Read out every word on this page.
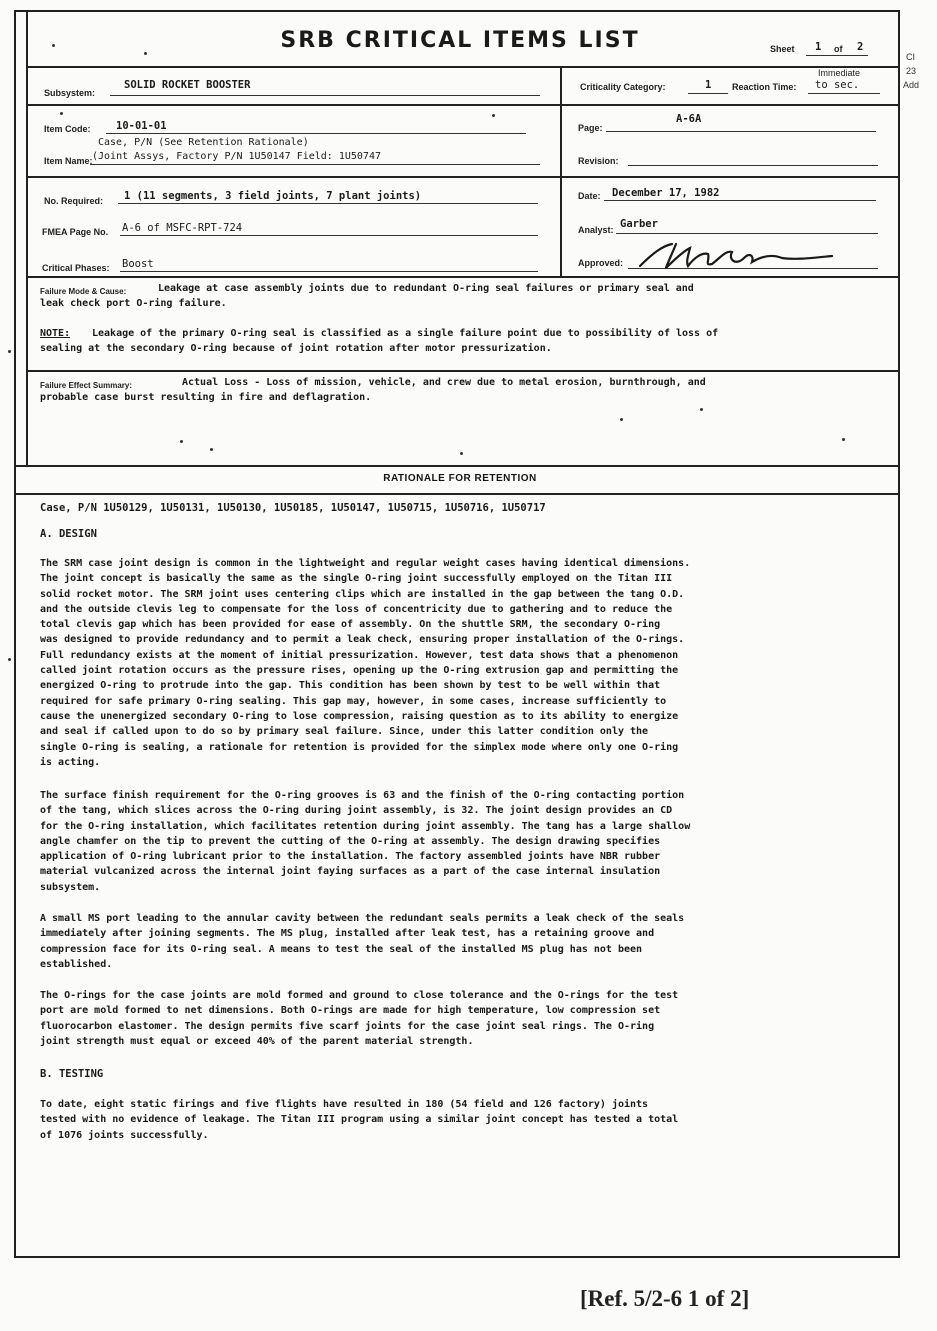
SRB CRITICAL ITEMS LIST	Sheet 1 of 2
CI
23
Add
Subsystem:
SOLID ROCKET BOOSTER	Criticality Category:	1 Reaction Time:
Immediate
to sec.
Item Code: 10-01-01
Case, P/N (See Retention Rationale)
Item Name: (Joint Assys, Factory P/N 1U50147 Field: 1U50747
Page:
A-6A
Revision:
No. Required: 1 (11 segments, 3 field joints, 7 plant joints)
FMEA Page No. A-6 of MSFC-RPT-724
Critical Phases: Boost
Date: December 17, 1982
Analyst: Garber
Approved:
Failure Mode & Cause:	Leakage at case assembly joints due to redundant O-ring seal failures or primary seal and
leak check port O-ring failure.
NOTE: Leakage of the primary O-ring seal is classified as a single failure point due to possibility of loss of
sealing at the secondary O-ring because of joint rotation after motor pressurization.
Failure Effect Summary:	Actual Loss - Loss of mission, vehicle, and crew due to metal erosion, burnthrough, and
probable case burst resulting in fire and deflagration.
RATIONALE FOR RETENTION
Case, P/N 1U50129, 1U50131, 1U50130, 1U50185, 1U50147, 1U50715, 1U50716, 1U50717
A. DESIGN

The SRM case joint design is common in the lightweight and regular weight cases having identical dimensions.
The joint concept is basically the same as the single O-ring joint successfully employed on the Titan III
solid rocket motor. The SRM joint uses centering clips which are installed in the gap between the tang O.D.
and the outside clevis leg to compensate for the loss of concentricity due to gathering and to reduce the
total clevis gap which has been provided for ease of assembly. On the shuttle SRM, the secondary O-ring
was designed to provide redundancy and to permit a leak check, ensuring proper installation of the O-rings.
Full redundancy exists at the moment of initial pressurization. However, test data shows that a phenomenon
called joint rotation occurs as the pressure rises, opening up the O-ring extrusion gap and permitting the
energized O-ring to protrude into the gap. This condition has been shown by test to be well within that
required for safe primary O-ring sealing. This gap may, however, in some cases, increase sufficiently to
cause the unenergized secondary O-ring to lose compression, raising question as to its ability to energize
and seal if called upon to do so by primary seal failure. Since, under this latter condition only the
single O-ring is sealing, a rationale for retention is provided for the simplex mode where only one O-ring
is acting.

The surface finish requirement for the O-ring grooves is 63 and the finish of the O-ring contacting portion
of the tang, which slices across the O-ring during joint assembly, is 32. The joint design provides an CD
for the O-ring installation, which facilitates retention during joint assembly. The tang has a large shallow
angle chamfer on the tip to prevent the cutting of the O-ring at assembly. The design drawing specifies
application of O-ring lubricant prior to the installation. The factory assembled joints have NBR rubber
material vulcanized across the internal joint faying surfaces as a part of the case internal insulation
subsystem.

A small MS port leading to the annular cavity between the redundant seals permits a leak check of the seals
immediately after joining segments. The MS plug, installed after leak test, has a retaining groove and
compression face for its O-ring seal. A means to test the seal of the installed MS plug has not been
established.

The O-rings for the case joints are mold formed and ground to close tolerance and the O-rings for the test
port are mold formed to net dimensions. Both O-rings are made for high temperature, low compression set
fluorocarbon elastomer. The design permits five scarf joints for the case joint seal rings. The O-ring
joint strength must equal or exceed 40% of the parent material strength.

B. TESTING

To date, eight static firings and five flights have resulted in 180 (54 field and 126 factory) joints
tested with no evidence of leakage. The Titan III program using a similar joint concept has tested a total
of 1076 joints successfully.

[Ref. 5/2-6 1 of 2]
